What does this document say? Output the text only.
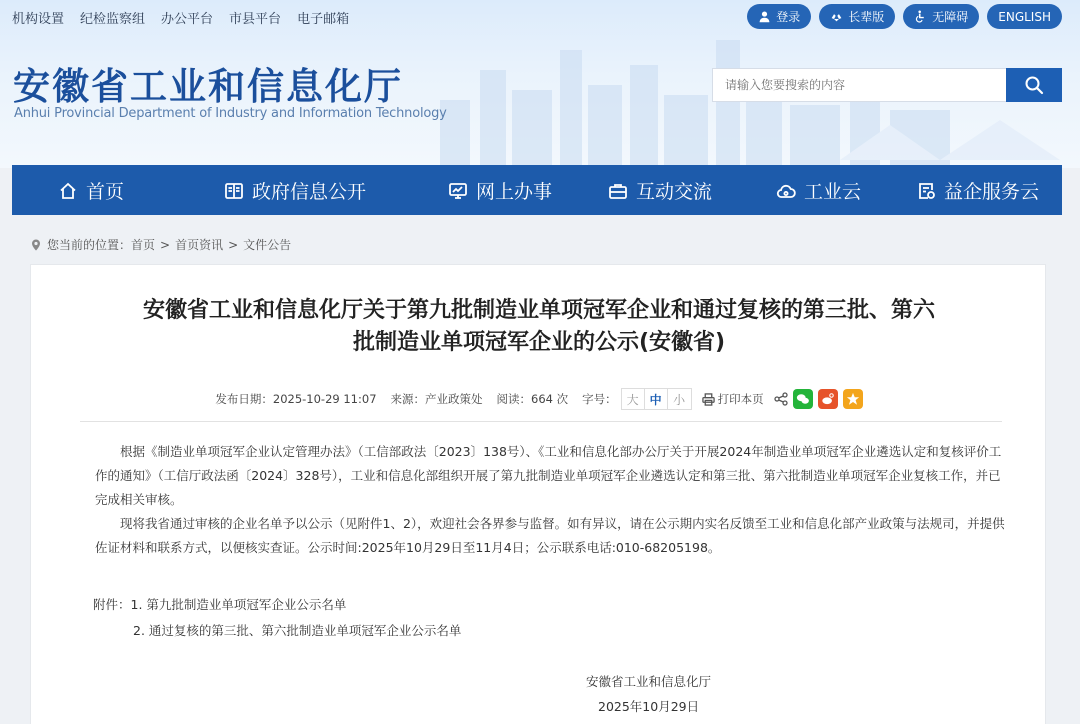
机构设置 纪检监察组 办公平台 市县平台 电子邮箱	登录	长辈版	无障碍	ENGLISH
安徽省工业和信息化厅
Anhui Provincial Department of Industry and Information Technology
请输入您要搜索的内容
首页	政府信息公开	网上办事	互动交流	工业云	益企服务云
您当前的位置： 首页 > 首页资讯 > 文件公告
安徽省工业和信息化厅关于第九批制造业单项冠军企业和通过复核的第三批、第六
批制造业单项冠军企业的公示(安徽省)
发布日期：2025-10-29 11:07 来源：产业政策处 阅读：664 次 字号： 大 中 小	打印本页

根据《制造业单项冠军企业认定管理办法》（工信部政法〔2023〕138号）、《工业和信息化部办公厅关于开展2024年制造业单项冠军企业遴选认定和复核评价工作的通知》（工信厅政法函〔2024〕328号），工业和信息化部组织开展了第九批制造业单项冠军企业遴选认定和第三批、第六批制造业单项冠军企业复核工作，并已完成相关审核。

现将我省通过审核的企业名单予以公示（见附件1、2），欢迎社会各界参与监督。如有异议，请在公示期内实名反馈至工业和信息化部产业政策与法规司，并提供佐证材料和联系方式，以便核实查证。公示时间:2025年10月29日至11月4日；公示联系电话:010-68205198。

附件：1. 第九批制造业单项冠军企业公示名单
2. 通过复核的第三批、第六批制造业单项冠军企业公示名单
安徽省工业和信息化厅
2025年10月29日
